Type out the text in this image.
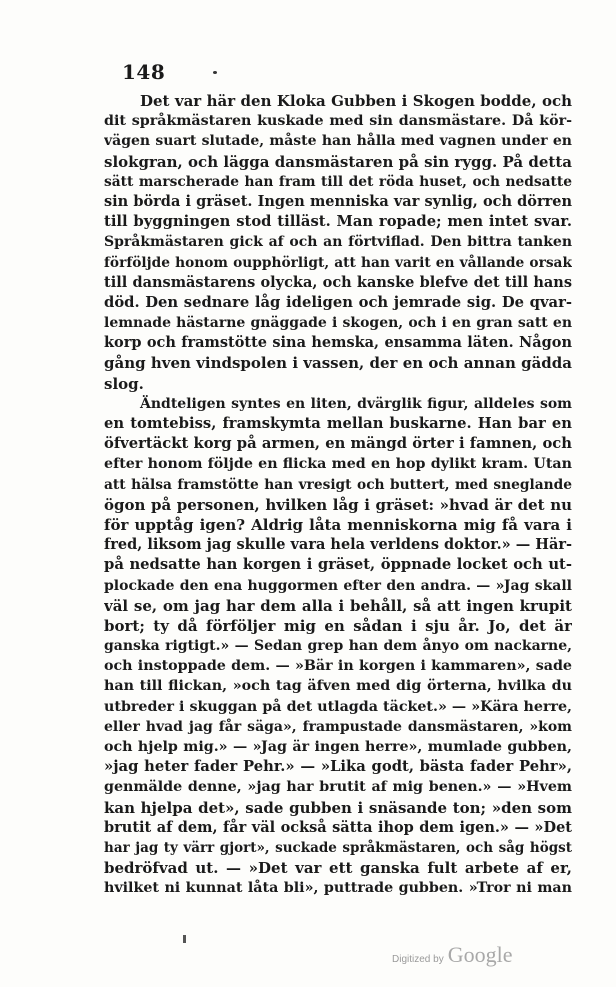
148
Det var här den Kloka Gubben i Skogen bodde, och
dit språkmästaren kuskade med sin dansmästare. Då kör-
vägen suart slutade, måste han hålla med vagnen under en
slokgran, och lägga dansmästaren på sin rygg. På detta
sätt marscherade han fram till det röda huset, och nedsatte
sin börda i gräset. Ingen menniska var synlig, och dörren
till byggningen stod tilläst. Man ropade; men intet svar.
Språkmästaren gick af och an förtviflad. Den bittra tanken
förföljde honom oupphörligt, att han varit en vållande orsak
till dansmästarens olycka, och kanske blefve det till hans
död. Den sednare låg ideligen och jemrade sig. De qvar-
lemnade hästarne gnäggade i skogen, och i en gran satt en
korp och framstötte sina hemska, ensamma läten. Någon
gång hven vindspolen i vassen, der en och annan gädda
slog.
Ändteligen syntes en liten, dvärglik figur, alldeles som
en tomtebiss, framskymta mellan buskarne. Han bar en
öfvertäckt korg på armen, en mängd örter i famnen, och
efter honom följde en flicka med en hop dylikt kram. Utan
att hälsa framstötte han vresigt och buttert, med sneglande
ögon på personen, hvilken låg i gräset: »hvad är det nu
för upptåg igen? Aldrig låta menniskorna mig få vara i
fred, liksom jag skulle vara hela verldens doktor.» — Här-
på nedsatte han korgen i gräset, öppnade locket och ut-
plockade den ena huggormen efter den andra. — »Jag skall
väl se, om jag har dem alla i behåll, så att ingen krupit
bort; ty då förföljer mig en sådan i sju år. Jo, det är
ganska rigtigt.» — Sedan grep han dem ånyo om nackarne,
och instoppade dem. — »Bär in korgen i kammaren», sade
han till flickan, »och tag äfven med dig örterna, hvilka du
utbreder i skuggan på det utlagda täcket.» — »Kära herre,
eller hvad jag får säga», frampustade dansmästaren, »kom
och hjelp mig.» — »Jag är ingen herre», mumlade gubben,
»jag heter fader Pehr.» — »Lika godt, bästa fader Pehr»,
genmälde denne, »jag har brutit af mig benen.» — »Hvem
kan hjelpa det», sade gubben i snäsande ton; »den som
brutit af dem, får väl också sätta ihop dem igen.» — »Det
har jag ty värr gjort», suckade språkmästaren, och såg högst
bedröfvad ut. — »Det var ett ganska fult arbete af er,
hvilket ni kunnat låta bli», puttrade gubben. »Tror ni man
Digitized by Google
